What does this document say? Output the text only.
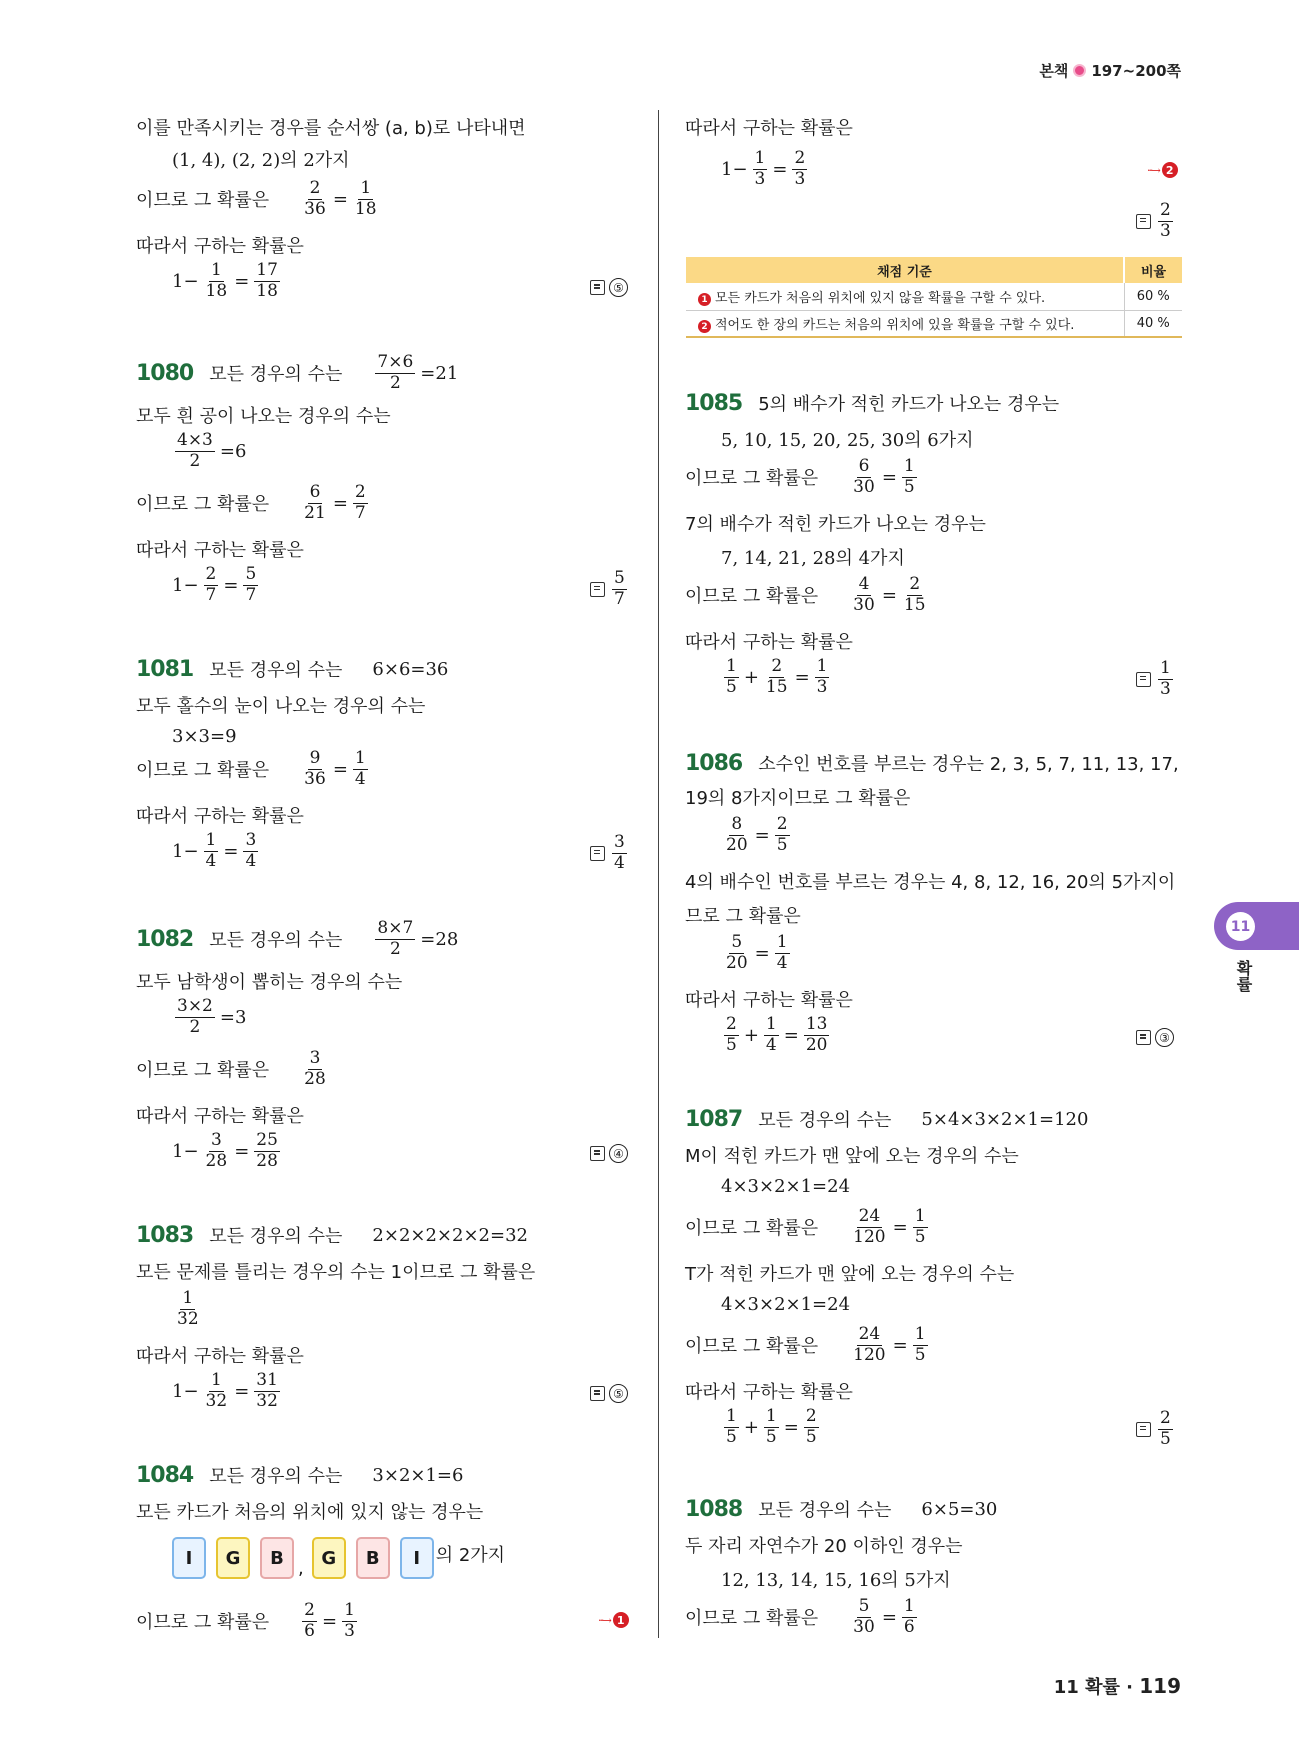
본책 197~200쪽
이를 만족시키는 경우를 순서쌍 (a, b)로 나타내면
(1, 4), (2, 2)의 2가지
이므로 그 확률은 $\frac{2}{36} = \frac{1}{18}$
따라서 구하는 확률은
$1- \frac{1}{18} = \frac{17}{18}$	⑤
1080 모든 경우의 수는 $\frac{7\times 6}{2} =21$
모두 흰 공이 나오는 경우의 수는
$\frac{4\times 3}{2} =6$
이므로 그 확률은 $\frac{6}{21} = \frac{2}{7}$
따라서 구하는 확률은
$1- \frac{2}{7} = \frac{5}{7}$	$\frac{5}{7}$
1081 모든 경우의 수는 6×6=36
모두 홀수의 눈이 나오는 경우의 수는
3×3=9
이므로 그 확률은 $\frac{9}{36} = \frac{1}{4}$
따라서 구하는 확률은
$1- \frac{1}{4} = \frac{3}{4}$	$\frac{3}{4}$
1082 모든 경우의 수는 $\frac{8\times 7}{2} =28$
모두 남학생이 뽑히는 경우의 수는
$\frac{3\times 2}{2} =3$
이므로 그 확률은 $\frac{3}{28}$
따라서 구하는 확률은
$1- \frac{3}{28} = \frac{25}{28}$	④
1083 모든 경우의 수는 2×2×2×2×2=32
모든 문제를 틀리는 경우의 수는 1이므로 그 확률은
$\frac{1}{32}$
따라서 구하는 확률은
$1- \frac{1}{32} = \frac{31}{32}$	⑤
1084 모든 경우의 수는 3×2×1=6
모든 카드가 처음의 위치에 있지 않는 경우는
I	G	B , G	B	I 의 2가지
이므로 그 확률은 $\frac{2}{6} = \frac{1}{3}$	···→ 1
따라서 구하는 확률은
$1- \frac{1}{3} = \frac{2}{3}$	···→ 2
$\frac{2}{3}$
채점 기준	비율
1 모든 카드가 처음의 위치에 있지 않을 확률을 구할 수 있다.	60 %
2 적어도 한 장의 카드는 처음의 위치에 있을 확률을 구할 수 있다.	40 %
1085 5의 배수가 적힌 카드가 나오는 경우는
5, 10, 15, 20, 25, 30의 6가지
이므로 그 확률은 $\frac{6}{30} = \frac{1}{5}$
7의 배수가 적힌 카드가 나오는 경우는
7, 14, 21, 28의 4가지
이므로 그 확률은 $\frac{4}{30} = \frac{2}{15}$
따라서 구하는 확률은
$\frac{1}{5} + \frac{2}{15} = \frac{1}{3}$	$\frac{1}{3}$
1086 소수인 번호를 부르는 경우는 2, 3, 5, 7, 11, 13, 17,
19의 8가지이므로 그 확률은
$\frac{8}{20} = \frac{2}{5}$
4의 배수인 번호를 부르는 경우는 4, 8, 12, 16, 20의 5가지이
므로 그 확률은
$\frac{5}{20} = \frac{1}{4}$
따라서 구하는 확률은
$\frac{2}{5} + \frac{1}{4} = \frac{13}{20}$	③
1087 모든 경우의 수는 5×4×3×2×1=120
M이 적힌 카드가 맨 앞에 오는 경우의 수는
4×3×2×1=24
이므로 그 확률은 $\frac{24}{120} = \frac{1}{5}$
T가 적힌 카드가 맨 앞에 오는 경우의 수는
4×3×2×1=24
이므로 그 확률은 $\frac{24}{120} = \frac{1}{5}$
따라서 구하는 확률은
$\frac{1}{5} + \frac{1}{5} = \frac{2}{5}$	$\frac{2}{5}$
1088 모든 경우의 수는 6×5=30
두 자리 자연수가 20 이하인 경우는
12, 13, 14, 15, 16의 5가지
이므로 그 확률은 $\frac{5}{30} = \frac{1}{6}$
11
확률
11 확률 · 119
